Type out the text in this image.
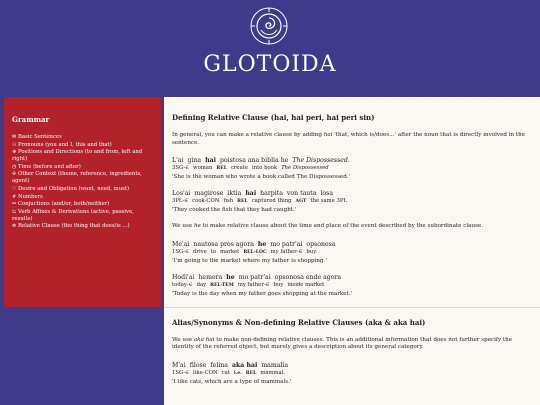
GLOTOIDA
Grammar
✉ Basic Sentences
⚇ Pronouns (you and I, this and that)
⊕ Positions and Directions (to and from, left and right)
◷ Time (before and after)
✢ Other Context (theme, reference, ingredients, agent)
♡ Desire and Obligation (want, need, must)
# Numbers
⚯ Conjuctions (and/or, both/neither)
⇆ Verb Affixes & Derivations (active, passive, results)
⊚ Relative Clause (the thing that does/is ...)
Defining Relative Clause (hai, hai peri, hai peri sin)

In general, you can make a relative clause by adding hai 'that, which is/does...' after the noun that is directly involved in the sentence.

L'ai gina hai poistosa ana biblia he The Dispossessed.
3SG-∈ woman REL create into book The Dispossessed
'She is the woman who wrote a book called The Dispossessed.'
Los'ai magirose iktia hai harpita von tauta losa
3PL-∈ cook-CON fish REL captured thing AGT the same 3PL
'They cooked the fish that they had caught.'

We use he to make relative clause about the time and place of the event described by the subordinate clause.

Me'ai nautosa pros agora he mo patr'ai opsonosa
1SG-∈ drive to market REL-LOC my father-∈ buy.
'I'm going to the market where my father is shopping.'
Hodi'ai hemera he mo patr'ai opsonosa ende agora
today-∈ day REL-TEM my father-∈ buy inside market
'Today is the day when my father goes shopping at the market.'
Alias/Synonyms & Non-defining Relative Clauses (aka & aka hai)

We use aka hai to make non-defining relative clauses. This is an additional information that does not further specify the identity of the referred object, but merely gives a description about its general category.

M'ai filose felina aka hai mamalia
1SG-∈ like-CON cat i.e. REL mammal.
'I like cats, which are a type of mammals.'
